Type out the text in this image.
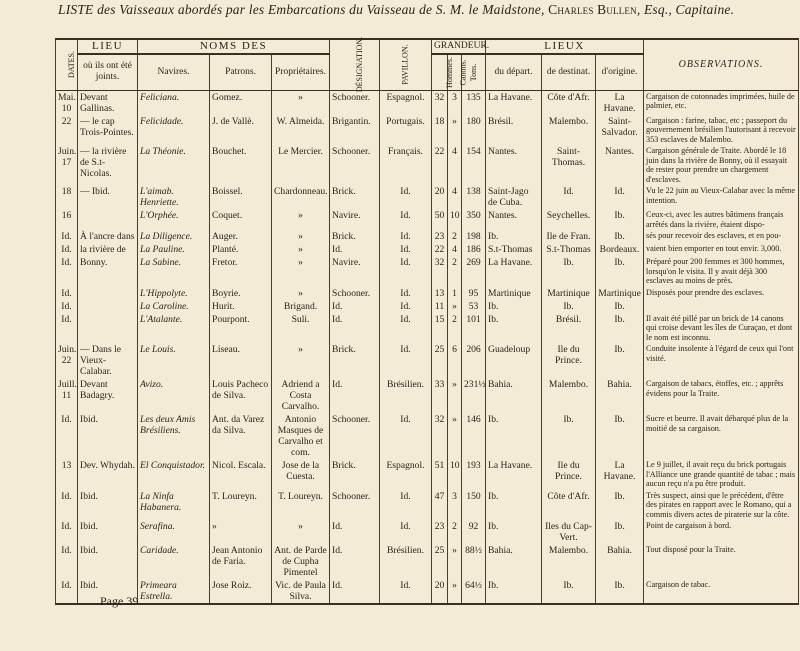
LISTE des Vaisseaux abordés par les Embarcations du Vaisseau de S. M. le Maidstone, Charles Bullen, Esq., Capitaine.
DATES.	LIEU	NOMS DES			DÉSIGNATION.	PAVILLON.	GRANDEUR.			LIEUX			OBSERVATIONS.
	où ils ont été joints.	Navires.	Patrons.	Propriétaires.			Hommes.	Canons.	Tons.	du départ.	de destinat.	d'origine.	
Mai. 10	Devant Gallinas.	Feliciana.	Gomez.	»	Schooner.	Espagnol.	32	3	135	La Havane.	Côte d'Afr.	La Havane.	Cargaison de cotonnades imprimées, huile de palmier, etc.
22	— le cap Trois-Pointes.	Felicidade.	J. de Vallè.	W. Almeida.	Brigantin.	Portugais.	18	»	180	Brésil.	Malembo.	Saint-Salvador.	Cargaison : farine, tabac, etc ; passeport du gouvernement brésilien l'autorisant à recevoir 353 esclaves de Malembo.
Juin. 17	— la rivière de S.t-Nicolas.	La Théonie.	Bouchet.	Le Mercier.	Schooner.	Français.	22	4	154	Nantes.	Saint-Thomas.	Nantes.	Cargaison générale de Traite. Abordé le 18 juin dans la rivière de Bonny, où il essayait de rester pour prendre un chargement d'esclaves.
18	— Ibid.	L'aimab. Henriette.	Boissel.	Chardonneau.	Brick.	Id.	20	4	138	Saint-Jago de Cuba.	Id.	Id.	Vu le 22 juin au Vieux-Calabar avec la même intention.
16		L'Orphée.	Coquet.	»	Navire.	Id.	50	10	350	Nantes.	Seychelles.	Ib.	Ceux-ci, avec les autres bâtimens français arrêtés dans la rivière, étaient dispo-
Id.	À l'ancre dans	La Diligence.	Auger.	»	Brick.	Id.	23	2	198	Ib.	Ile de Fran.	Ib.	sés pour recevoir des esclaves, et en pou-
Id.	la rivière de	La Pauline.	Planté.	»	Id.	Id.	22	4	186	S.t-Thomas	S.t-Thomas	Bordeaux.	vaient bien emporter en tout envir. 3,000.
Id.	Bonny.	La Sabine.	Fretor.	»	Navire.	Id.	32	2	269	La Havane.	Ib.	Ib.	Préparé pour 200 femmes et 300 hommes, lorsqu'on le visita. Il y avait déjà 300 esclaves au moins de près.
Id.		L'Hippolyte.	Boyrie.	»	Schooner.	Id.	13	1	95	Martinique	Martinique	Martinique	Disposés pour prendre des esclaves.
Id.		La Caroline.	Hurit.	Brigand.	Id.	Id.	11	»	53	Ib.	Ib.	Ib.	
Id.		L'Atalante.	Pourpont.	Suli.	Id.	Id.	15	2	101	Ib.	Brésil.	Ib.	Il avait été pillé par un brick de 14 canons qui croise devant les îles de Curaçao, et dont le nom est inconnu.
Juin. 22	— Dans le Vieux-Calabar.	Le Louis.	Liseau.	»	Brick.	Id.	25	6	206	Guadeloup	Ile du Prince.	Ib.	Conduite insolente à l'égard de ceux qui l'ont visité.
Juill. 11	Devant Badagry.	Avizo.	Louis Pacheco de Silva.	Adriend a Costa Carvalho.	Id.	Brésilien.	33	»	231½	Bahia.	Malembo.	Bahia.	Cargaison de tabacs, étoffes, etc. ; apprêts évidens pour la Traite.
Id.	Ibid.	Les deux Amis Brésiliens.	Ant. da Varez da Silva.	Antonio Masques de Carvalho et com.	Schooner.	Id.	32	»	146	Ib.	Ib.	Ib.	Sucre et beurre. Il avait débarqué plus de la moitié de sa cargaison.
13	Dev. Whydah.	El Conquistador.	Nicol. Escala.	Jose de la Cuesta.	Brick.	Espagnol.	51	10	193	La Havane.	Ile du Prince.	La Havane.	Le 9 juillet, il avait reçu du brick portugais l'Alliance une grande quantité de tabac ; mais aucun reçu n'a pu être produit.
Id.	Ibid.	La Ninfa Habanera.	T. Loureyn.	T. Loureyn.	Schooner.	Id.	47	3	150	Ib.	Côte d'Afr.	Ib.	Très suspect, ainsi que le précédent, d'être des pirates en rapport avec le Romano, qui a commis divers actes de piraterie sur la côte.
Id.	Ibid.	Serafina.	»	»	Id.	Id.	23	2	92	Ib.	Iles du Cap-Vert.	Ib.	Point de cargaison à bord.
Id.	Ibid.	Caridade.	Jean Antonio de Faria.	Ant. de Parde de Cupha Pimentel	Id.	Brésilien.	25	»	88½	Bahia.	Malembo.	Bahia.	Tout disposé pour la Traite.
Id.	Ibid.	Primeara Estrella.	Jose Roiz.	Vic. de Paula Silva.	Id.	Id.	20	»	64½	Ib.	Ib.	Ib.	Cargaison de tabac.
Page 39.
